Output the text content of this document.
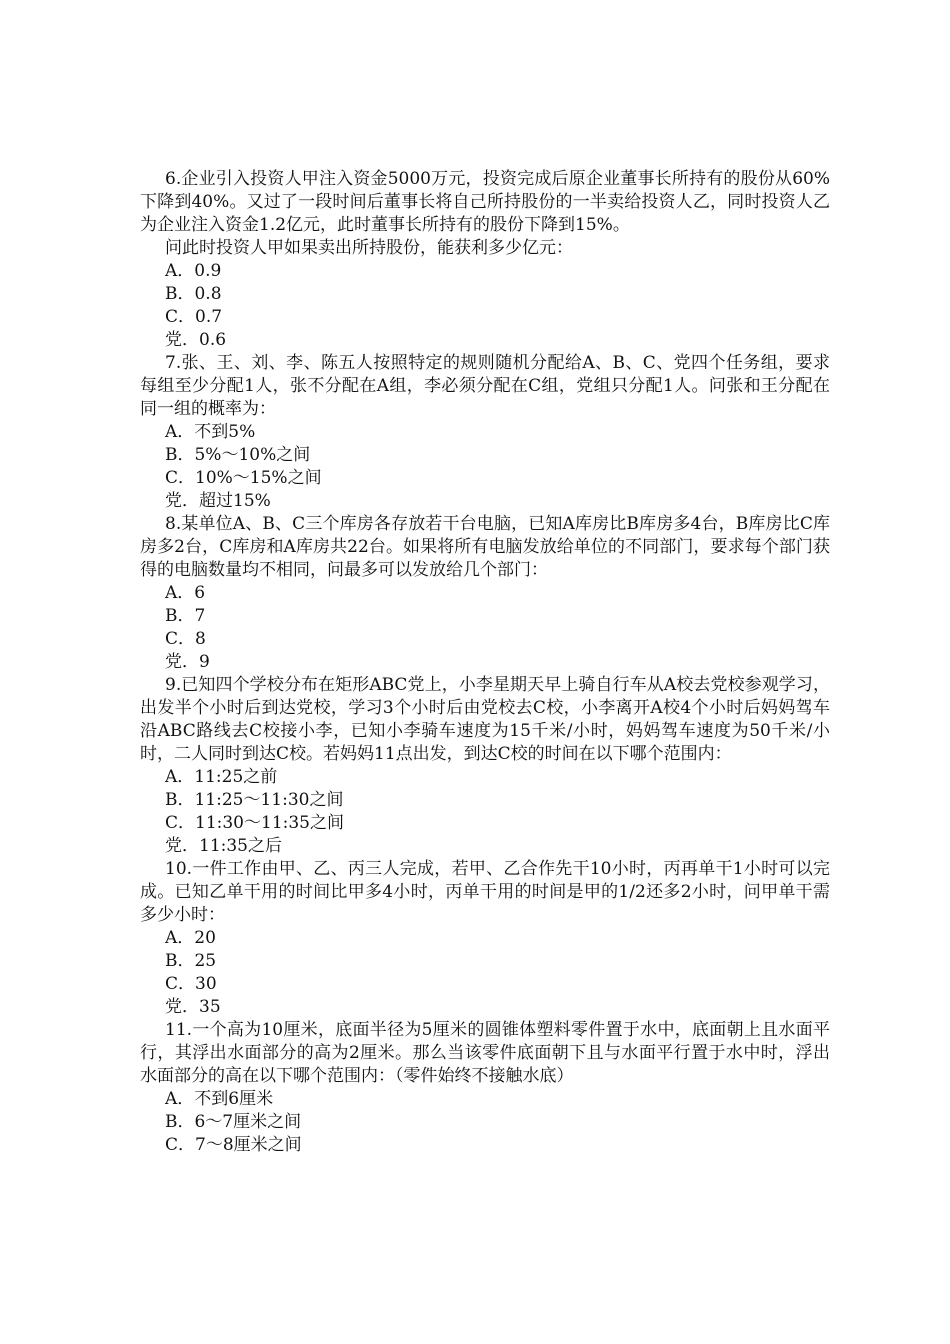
6.企业引入投资人甲注入资金5000万元，投资完成后原企业董事长所持有的股份从60%下降到40%。又过了一段时间后董事长将自己所持股份的一半卖给投资人乙，同时投资人乙为企业注入资金1.2亿元，此时董事长所持有的股份下降到15%。

问此时投资人甲如果卖出所持股份，能获利多少亿元：

A．0.9

B．0.8

C．0.7

党．0.6

7.张、王、刘、李、陈五人按照特定的规则随机分配给A、B、C、党四个任务组，要求每组至少分配1人，张不分配在A组，李必须分配在C组，党组只分配1人。问张和王分配在同一组的概率为：

A．不到5%

B．5%～10%之间

C．10%～15%之间

党．超过15%

8.某单位A、B、C三个库房各存放若干台电脑，已知A库房比B库房多4台，B库房比C库房多2台，C库房和A库房共22台。如果将所有电脑发放给单位的不同部门，要求每个部门获得的电脑数量均不相同，问最多可以发放给几个部门：

A．6

B．7

C．8

党．9

9.已知四个学校分布在矩形ABC党上，小李星期天早上骑自行车从A校去党校参观学习，出发半个小时后到达党校，学习3个小时后由党校去C校，小李离开A校4个小时后妈妈驾车沿ABC路线去C校接小李，已知小李骑车速度为15千米/小时，妈妈驾车速度为50千米/小时，二人同时到达C校。若妈妈11点出发，到达C校的时间在以下哪个范围内：

A．11:25之前

B．11:25～11:30之间

C．11:30～11:35之间

党．11:35之后

10.一件工作由甲、乙、丙三人完成，若甲、乙合作先干10小时，丙再单干1小时可以完成。已知乙单干用的时间比甲多4小时，丙单干用的时间是甲的1/2还多2小时，问甲单干需多少小时：

A．20

B．25

C．30

党．35

11.一个高为10厘米，底面半径为5厘米的圆锥体塑料零件置于水中，底面朝上且水面平行，其浮出水面部分的高为2厘米。那么当该零件底面朝下且与水面平行置于水中时，浮出水面部分的高在以下哪个范围内：（零件始终不接触水底）

A．不到6厘米

B．6～7厘米之间

C．7～8厘米之间
